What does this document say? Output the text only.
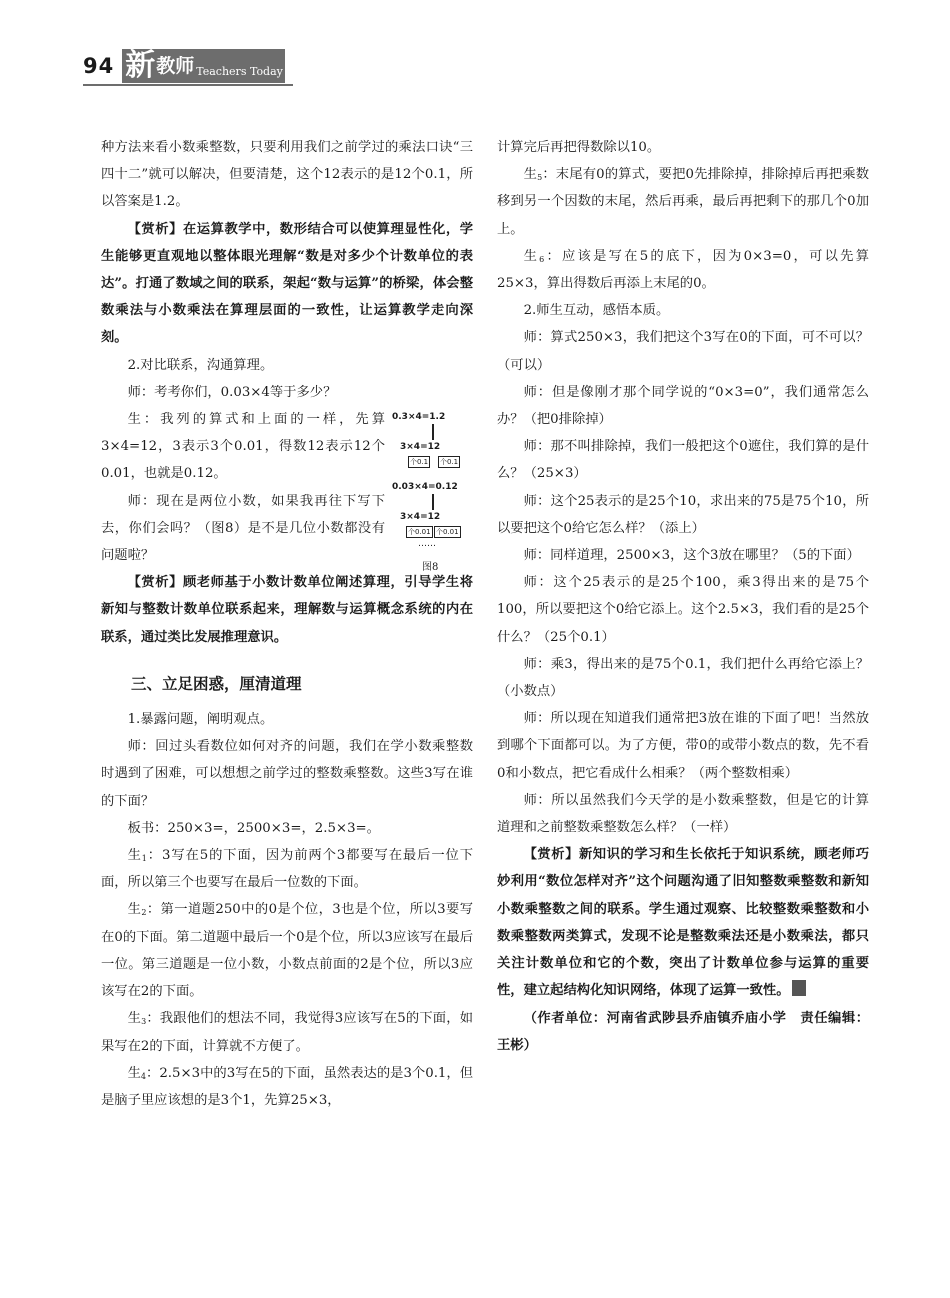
94 新 教师 Teachers Today

种方法来看小数乘整数，只要利用我们之前学过的乘法口诀“三四十二”就可以解决，但要清楚，这个12表示的是12个0.1，所以答案是1.2。

【赏析】在运算教学中，数形结合可以使算理显性化，学生能够更直观地以整体眼光理解“数是对多少个计数单位的表达”。打通了数域之间的联系，架起“数与运算”的桥梁，体会整数乘法与小数乘法在算理层面的一致性，让运算教学走向深刻。

2.对比联系，沟通算理。

师：考考你们，0.03×4等于多少？

生：我列的算式和上面的一样，先算3×4=12，3表示3个0.01，得数12表示12个0.01，也就是0.12。

师：现在是两位小数，如果我再往下写下去，你们会吗？（图8）是不是几位小数都没有问题啦？

【赏析】顾老师基于小数计数单位阐述算理，引导学生将新知与整数计数单位联系起来，理解数与运算概念系统的内在联系，通过类比发展推理意识。

三、立足困惑，厘清道理

1.暴露问题，阐明观点。

师：回过头看数位如何对齐的问题，我们在学小数乘整数时遇到了困难，可以想想之前学过的整数乘整数。这些3写在谁的下面？

板书：250×3=，2500×3=，2.5×3=。

生$_1$：3写在5的下面，因为前两个3都要写在最后一位下面，所以第三个也要写在最后一位数的下面。

生$_2$：第一道题250中的0是个位，3也是个位，所以3要写在0的下面。第二道题中最后一个0是个位，所以3应该写在最后一位。第三道题是一位小数，小数点前面的2是个位，所以3应该写在2的下面。

生$_3$：我跟他们的想法不同，我觉得3应该写在5的下面，如果写在2的下面，计算就不方便了。

生$_4$：2.5×3中的3写在5的下面，虽然表达的是3个0.1，但是脑子里应该想的是3个1，先算25×3，

0.3×4=1.2
3×4=12
个0.1 个0.1
0.03×4=0.12
3×4=12
个0.01 个0.01
……
图8

计算完后再把得数除以10。

生$_5$：末尾有0的算式，要把0先排除掉，排除掉后再把乘数移到另一个因数的末尾，然后再乘，最后再把剩下的那几个0加上。

生$_6$：应该是写在5的底下，因为0×3=0，可以先算25×3，算出得数后再添上末尾的0。

2.师生互动，感悟本质。

师：算式250×3，我们把这个3写在0的下面，可不可以？（可以）

师：但是像刚才那个同学说的“0×3=0”，我们通常怎么办？（把0排除掉）

师：那不叫排除掉，我们一般把这个0遮住，我们算的是什么？（25×3）

师：这个25表示的是25个10，求出来的75是75个10，所以要把这个0给它怎么样？（添上）

师：同样道理，2500×3，这个3放在哪里？（5的下面）

师：这个25表示的是25个100，乘3得出来的是75个100，所以要把这个0给它添上。这个2.5×3，我们看的是25个什么？（25个0.1）

师：乘3，得出来的是75个0.1，我们把什么再给它添上？（小数点）

师：所以现在知道我们通常把3放在谁的下面了吧！当然放到哪个下面都可以。为了方便，带0的或带小数点的数，先不看0和小数点，把它看成什么相乘？（两个整数相乘）

师：所以虽然我们今天学的是小数乘整数，但是它的计算道理和之前整数乘整数怎么样？（一样）

【赏析】新知识的学习和生长依托于知识系统，顾老师巧妙利用“数位怎样对齐”这个问题沟通了旧知整数乘整数和新知小数乘整数之间的联系。学生通过观察、比较整数乘整数和小数乘整数两类算式，发现不论是整数乘法还是小数乘法，都只关注计数单位和它的个数，突出了计数单位参与运算的重要性，建立起结构化知识网络，体现了运算一致性。

（作者单位：河南省武陟县乔庙镇乔庙小学　责任编辑：王彬）
